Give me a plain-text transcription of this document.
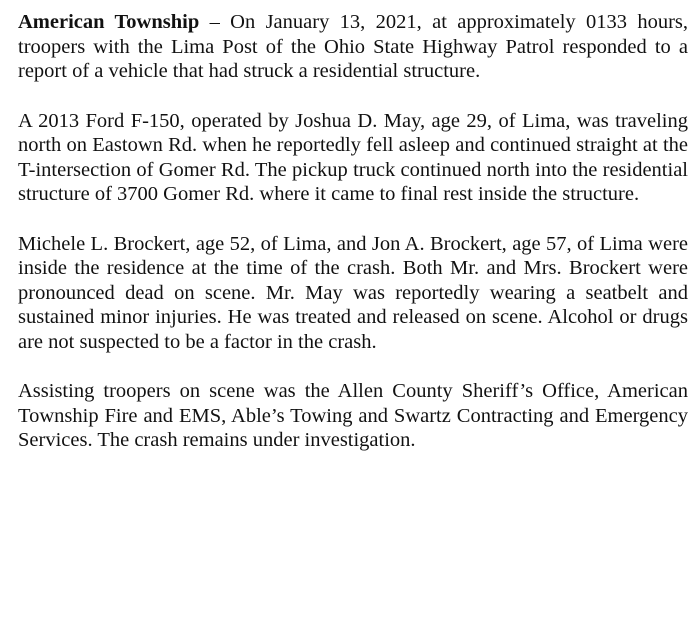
American Township – On January 13, 2021, at approximately 0133 hours, troopers with the Lima Post of the Ohio State Highway Patrol responded to a report of a vehicle that had struck a residential structure.

A 2013 Ford F-150, operated by Joshua D. May, age 29, of Lima, was traveling north on Eastown Rd. when he reportedly fell asleep and continued straight at the T-intersection of Gomer Rd. The pickup truck continued north into the residential structure of 3700 Gomer Rd. where it came to final rest inside the structure.

Michele L. Brockert, age 52, of Lima, and Jon A. Brockert, age 57, of Lima were inside the residence at the time of the crash. Both Mr. and Mrs. Brockert were pronounced dead on scene. Mr. May was reportedly wearing a seatbelt and sustained minor injuries. He was treated and released on scene. Alcohol or drugs are not suspected to be a factor in the crash.

Assisting troopers on scene was the Allen County Sheriff’s Office, American Township Fire and EMS, Able’s Towing and Swartz Contracting and Emergency Services. The crash remains under investigation.
